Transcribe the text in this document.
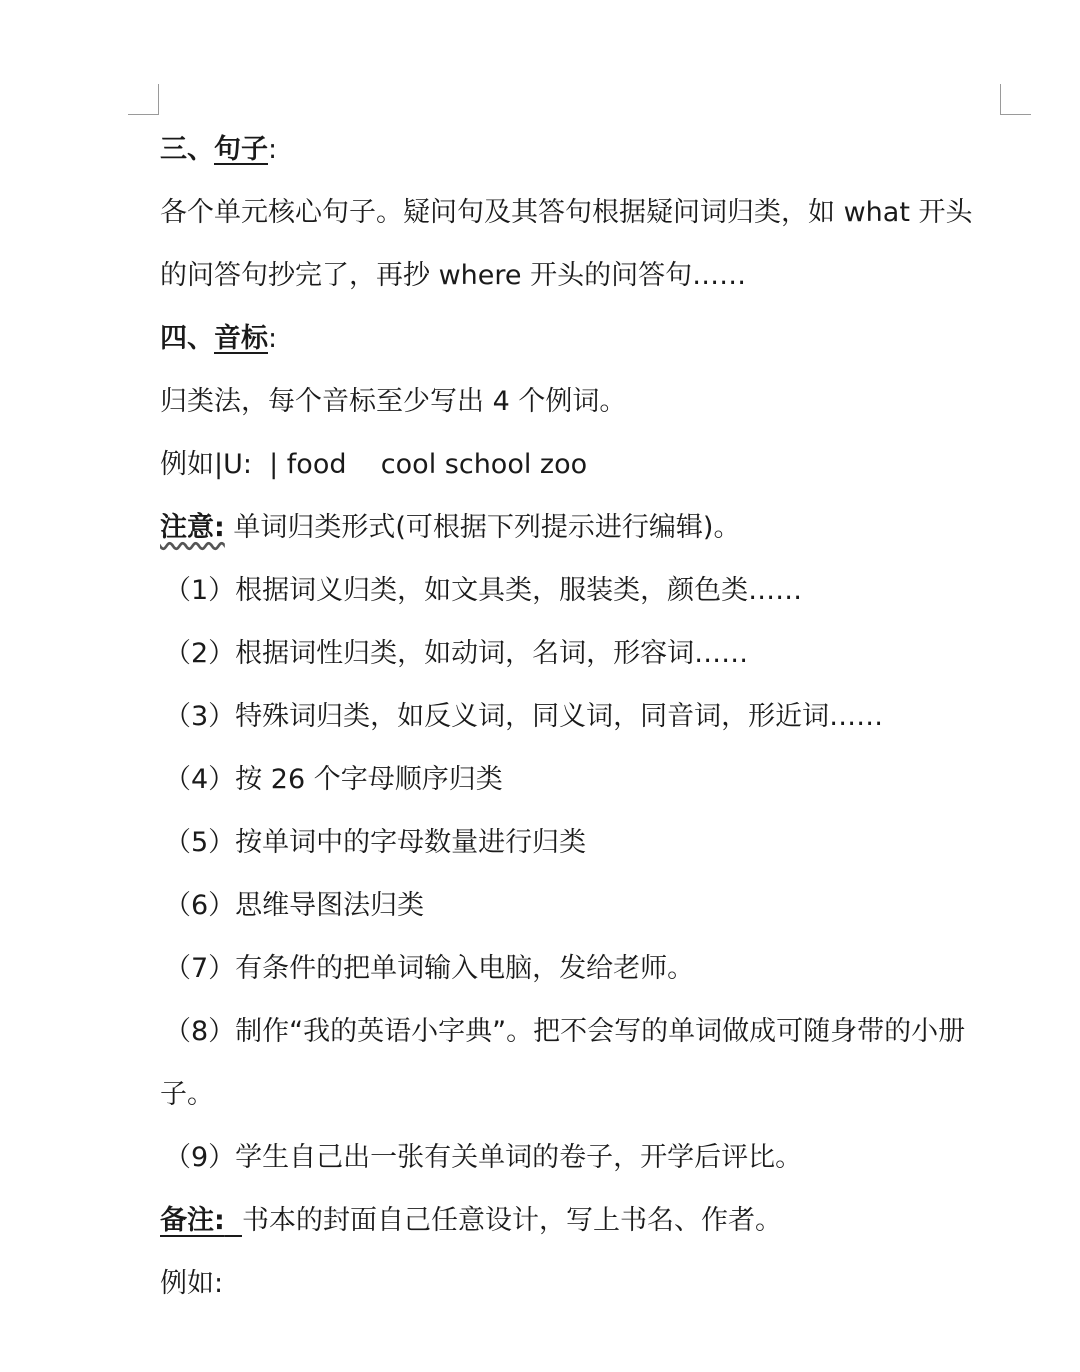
三、句子:
各个单元核心句子。疑问句及其答句根据疑问词归类，如 what 开头
的问答句抄完了，再抄 where 开头的问答句……
四、音标:
归类法，每个音标至少写出 4 个例词。
例如|U:  | food    cool school zoo
注意: 单词归类形式(可根据下列提示进行编辑)。
（1）根据词义归类，如文具类，服装类，颜色类……
（2）根据词性归类，如动词，名词，形容词……
（3）特殊词归类，如反义词，同义词，同音词，形近词……
（4）按 26 个字母顺序归类
（5）按单词中的字母数量进行归类
（6）思维导图法归类
（7）有条件的把单词输入电脑，发给老师。
（8）制作“我的英语小字典”。把不会写的单词做成可随身带的小册
子。
（9）学生自己出一张有关单词的卷子，开学后评比。
备注: 书本的封面自己任意设计，写上书名、作者。
例如:
